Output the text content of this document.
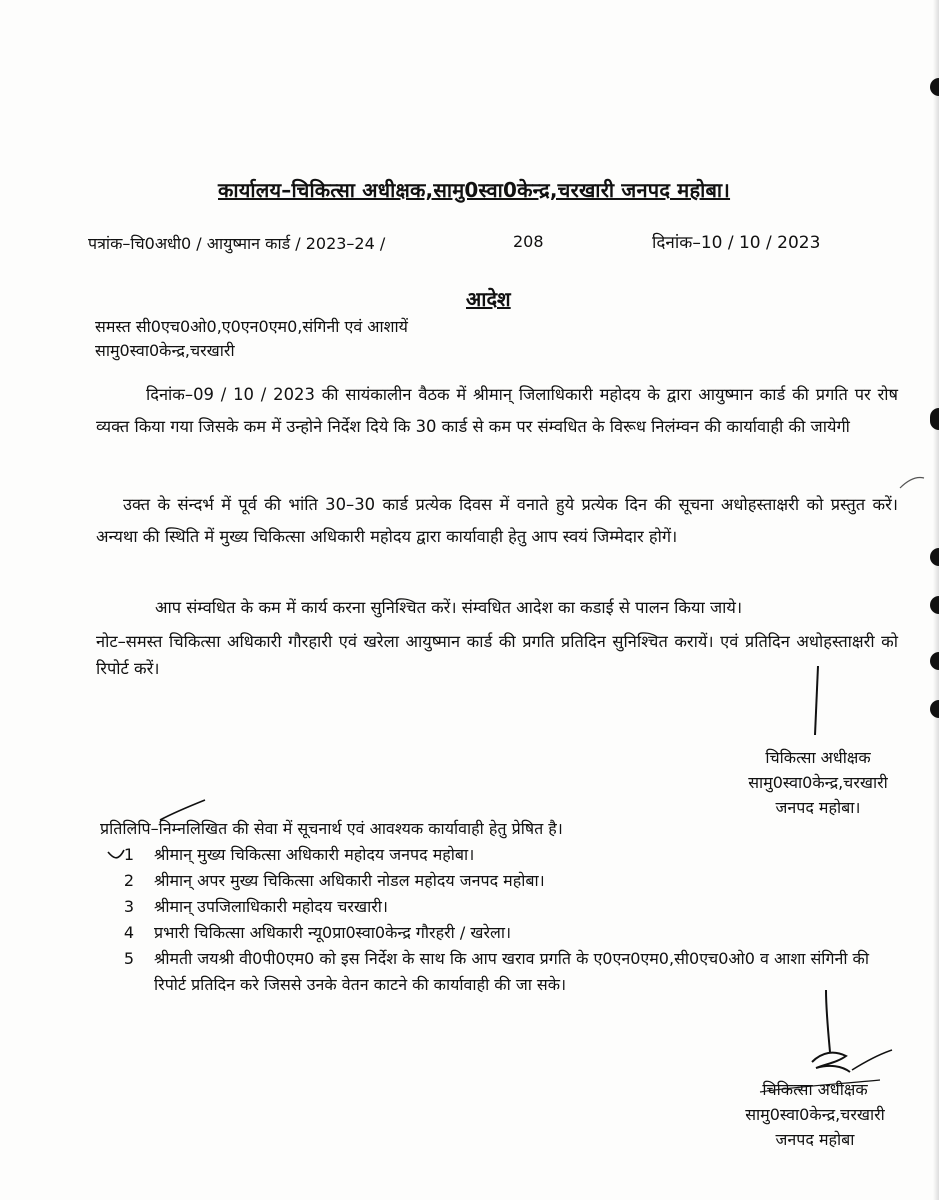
कार्यालय–चिकित्सा अधीक्षक,सामु0स्वा0केन्द्र,चरखारी जनपद महोबा।
पत्रांक–चि0अधी0 / आयुष्मान कार्ड / 2023–24 /	208	दिनांक–10 / 10 / 2023
आदेश
समस्त सी0एच0ओ0,ए0एन0एम0,संगिनी एवं आशायें
सामु0स्वा0केन्द्र,चरखारी
दिनांक–09 / 10 / 2023 की सायंकालीन वैठक में श्रीमान् जिलाधिकारी महोदय के द्वारा आयुष्मान कार्ड की प्रगति पर रोष व्यक्त किया गया जिसके कम में उन्होने निर्देश दिये कि 30 कार्ड से कम पर संम्वधित के विरूध निलंम्वन की कार्यावाही की जायेगी
उक्त के संन्दर्भ में पूर्व की भांति 30–30 कार्ड प्रत्येक दिवस में वनाते हुये प्रत्येक दिन की सूचना अधोहस्ताक्षरी को प्रस्तुत करें। अन्यथा की स्थिति में मुख्य चिकित्सा अधिकारी महोदय द्वारा कार्यावाही हेतु आप स्वयं जिम्मेदार होगें।
आप संम्वधित के कम में कार्य करना सुनिश्चित करें। संम्वधित आदेश का कडाई से पालन किया जाये।
नोट–समस्त चिकित्सा अधिकारी गौरहारी एवं खरेला आयुष्मान कार्ड की प्रगति प्रतिदिन सुनिश्चित करायें। एवं प्रतिदिन अधोहस्ताक्षरी को रिपोर्ट करें।
चिकित्सा अधीक्षक
सामु0स्वा0केन्द्र,चरखारी
जनपद महोबा।
प्रतिलिपि–निम्नलिखित की सेवा में सूचनार्थ एवं आवश्यक कार्यावाही हेतु प्रेषित है।
1 श्रीमान् मुख्य चिकित्सा अधिकारी महोदय जनपद महोबा।
2 श्रीमान् अपर मुख्य चिकित्सा अधिकारी नोडल महोदय जनपद महोबा।
3 श्रीमान् उपजिलाधिकारी महोदय चरखारी।
4 प्रभारी चिकित्सा अधिकारी न्यू0प्रा0स्वा0केन्द्र गौरहरी / खरेला।
5 श्रीमती जयश्री वी0पी0एम0 को इस निर्देश के साथ कि आप खराव प्रगति के ए0एन0एम0,सी0एच0ओ0 व आशा संगिनी की रिपोर्ट प्रतिदिन करे जिससे उनके वेतन काटने की कार्यावाही की जा सके।
चिकित्सा अधीक्षक
सामु0स्वा0केन्द्र,चरखारी
जनपद महोबा
